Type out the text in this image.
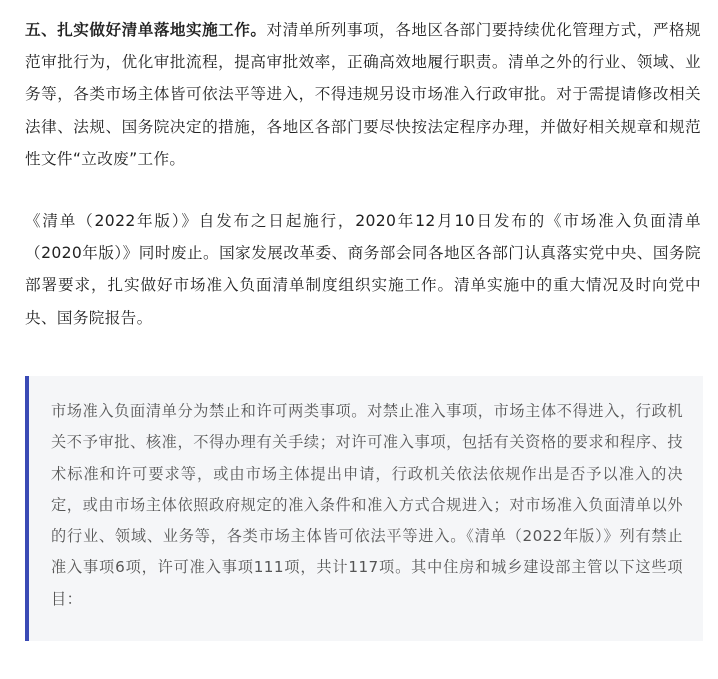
五、扎实做好清单落地实施工作。对清单所列事项，各地区各部门要持续优化管理方式，严格规范审批行为，优化审批流程，提高审批效率，正确高效地履行职责。清单之外的行业、领域、业务等，各类市场主体皆可依法平等进入，不得违规另设市场准入行政审批。对于需提请修改相关法律、法规、国务院决定的措施，各地区各部门要尽快按法定程序办理，并做好相关规章和规范性文件“立改废”工作。

《清单（2022年版）》自发布之日起施行，2020年12月10日发布的《市场准入负面清单（2020年版）》同时废止。国家发展改革委、商务部会同各地区各部门认真落实党中央、国务院部署要求，扎实做好市场准入负面清单制度组织实施工作。清单实施中的重大情况及时向党中央、国务院报告。

市场准入负面清单分为禁止和许可两类事项。对禁止准入事项，市场主体不得进入，行政机关不予审批、核准，不得办理有关手续；对许可准入事项，包括有关资格的要求和程序、技术标准和许可要求等，或由市场主体提出申请，行政机关依法依规作出是否予以准入的决定，或由市场主体依照政府规定的准入条件和准入方式合规进入；对市场准入负面清单以外的行业、领域、业务等，各类市场主体皆可依法平等进入。《清单（2022年版）》列有禁止准入事项6项，许可准入事项111项，共计117项。其中住房和城乡建设部主管以下这些项目：
